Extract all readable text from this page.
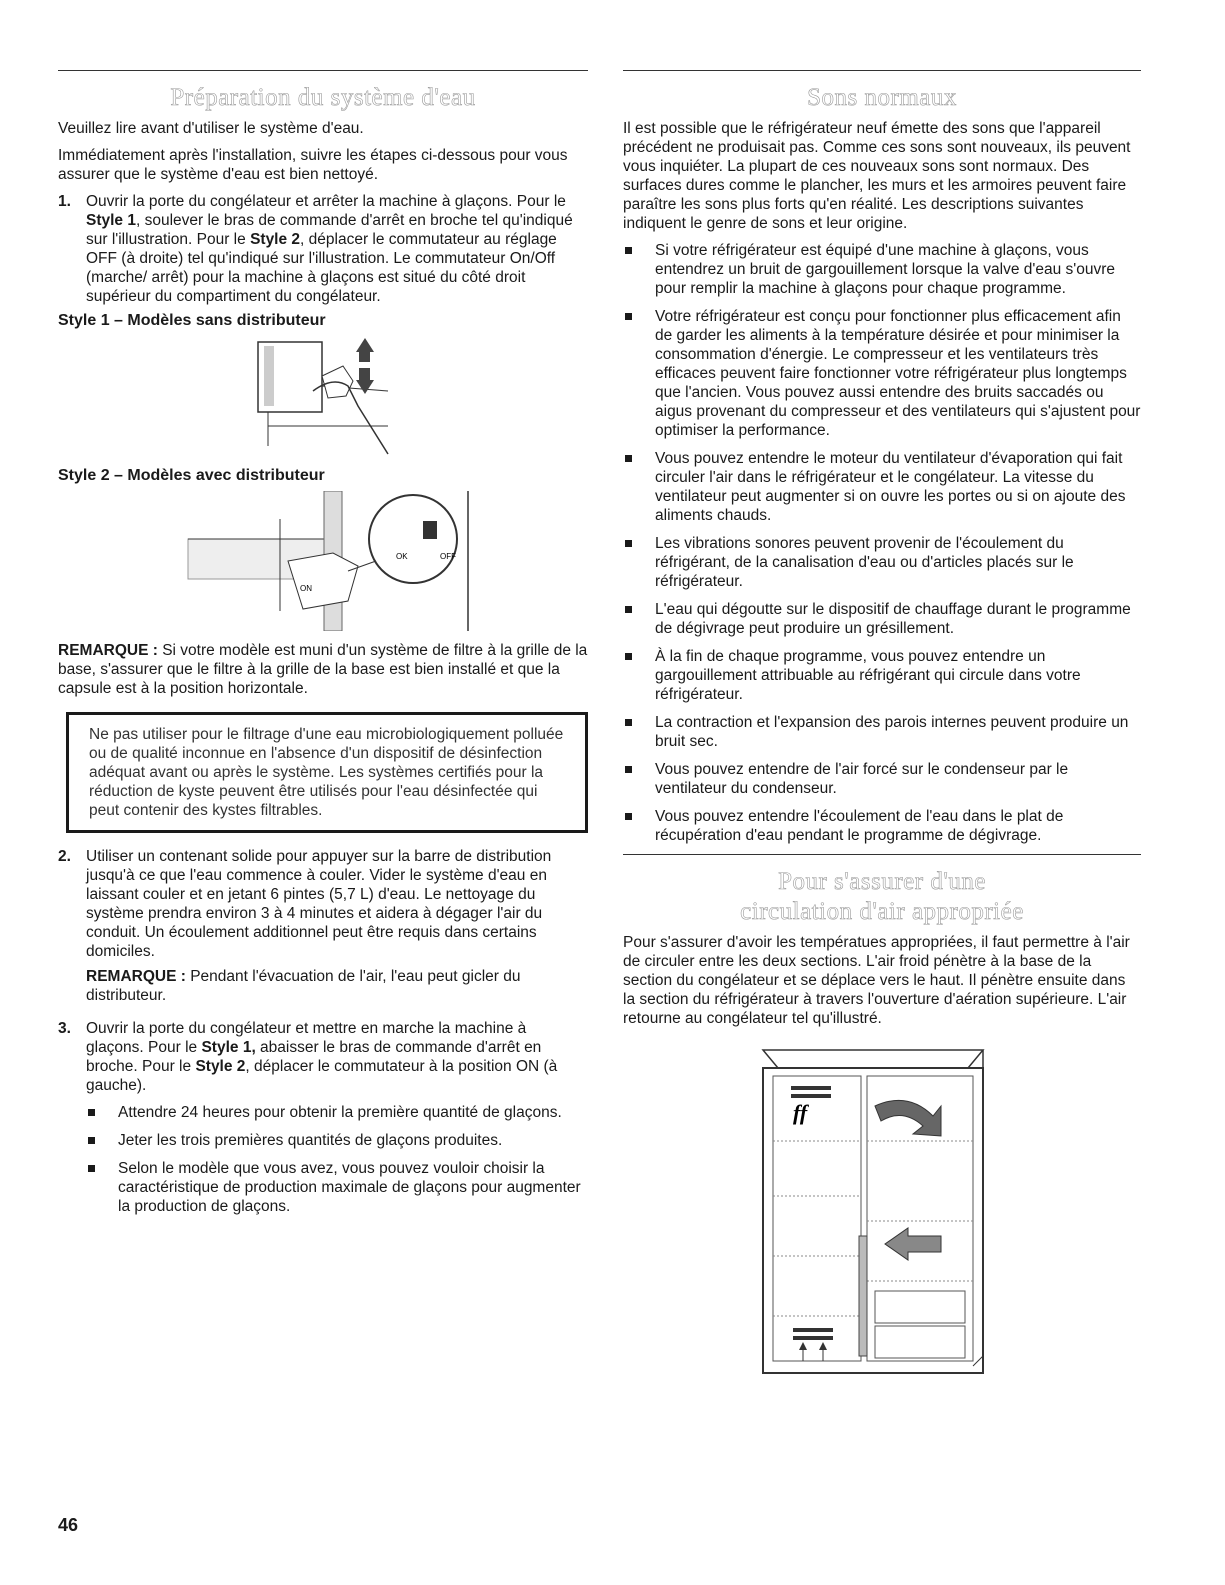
Préparation du système d'eau

Veuillez lire avant d'utiliser le système d'eau.

Immédiatement après l'installation, suivre les étapes ci-dessous pour vous assurer que le système d'eau est bien nettoyé.

1. Ouvrir la porte du congélateur et arrêter la machine à glaçons. Pour le Style 1, soulever le bras de commande d'arrêt en broche tel qu'indiqué sur l'illustration. Pour le Style 2, déplacer le commutateur au réglage OFF (à droite) tel qu'indiqué sur l'illustration. Le commutateur On/Off (marche/ arrêt) pour la machine à glaçons est situé du côté droit supérieur du compartiment du congélateur.
Style 1 – Modèles sans distributeur
Style 2 – Modèles avec distributeur
ON
OK	OFF

REMARQUE : Si votre modèle est muni d'un système de filtre à la grille de la base, s'assurer que le filtre à la grille de la base est bien installé et que la capsule est à la position horizontale.

Ne pas utiliser pour le filtrage d'une eau microbiologiquement polluée ou de qualité inconnue en l'absence d'un dispositif de désinfection adéquat avant ou après le système. Les systèmes certifiés pour la réduction de kyste peuvent être utilisés pour l'eau désinfectée qui peut contenir des kystes filtrables.

2. Utiliser un contenant solide pour appuyer sur la barre de distribution jusqu'à ce que l'eau commence à couler. Vider le système d'eau en laissant couler et en jetant 6 pintes (5,7 L) d'eau. Le nettoyage du système prendra environ 3 à 4 minutes et aidera à dégager l'air du conduit. Un écoulement additionnel peut être requis dans certains domiciles.

REMARQUE : Pendant l'évacuation de l'air, l'eau peut gicler du distributeur.

3. Ouvrir la porte du congélateur et mettre en marche la machine à glaçons. Pour le Style 1, abaisser le bras de commande d'arrêt en broche. Pour le Style 2, déplacer le commutateur à la position ON (à gauche).

Attendre 24 heures pour obtenir la première quantité de glaçons.
Jeter les trois premières quantités de glaçons produites.
Selon le modèle que vous avez, vous pouvez vouloir choisir la caractéristique de production maximale de glaçons pour augmenter la production de glaçons.
Sons normaux

Il est possible que le réfrigérateur neuf émette des sons que l'appareil précédent ne produisait pas. Comme ces sons sont nouveaux, ils peuvent vous inquiéter. La plupart de ces nouveaux sons sont normaux. Des surfaces dures comme le plancher, les murs et les armoires peuvent faire paraître les sons plus forts qu'en réalité. Les descriptions suivantes indiquent le genre de sons et leur origine.

Si votre réfrigérateur est équipé d'une machine à glaçons, vous entendrez un bruit de gargouillement lorsque la valve d'eau s'ouvre pour remplir la machine à glaçons pour chaque programme.
Votre réfrigérateur est conçu pour fonctionner plus efficacement afin de garder les aliments à la température désirée et pour minimiser la consommation d'énergie. Le compresseur et les ventilateurs très efficaces peuvent faire fonctionner votre réfrigérateur plus longtemps que l'ancien. Vous pouvez aussi entendre des bruits saccadés ou aigus provenant du compresseur et des ventilateurs qui s'ajustent pour optimiser la performance.
Vous pouvez entendre le moteur du ventilateur d'évaporation qui fait circuler l'air dans le réfrigérateur et le congélateur. La vitesse du ventilateur peut augmenter si on ouvre les portes ou si on ajoute des aliments chauds.
Les vibrations sonores peuvent provenir de l'écoulement du réfrigérant, de la canalisation d'eau ou d'articles placés sur le réfrigérateur.
L'eau qui dégoutte sur le dispositif de chauffage durant le programme de dégivrage peut produire un grésillement.
À la fin de chaque programme, vous pouvez entendre un gargouillement attribuable au réfrigérant qui circule dans votre réfrigérateur.
La contraction et l'expansion des parois internes peuvent produire un bruit sec.
Vous pouvez entendre de l'air forcé sur le condenseur par le ventilateur du condenseur.
Vous pouvez entendre l'écoulement de l'eau dans le plat de récupération d'eau pendant le programme de dégivrage.
Pour s'assurer d'une
circulation d'air appropriée

Pour s'assurer d'avoir les températues appropriées, il faut permettre à l'air de circuler entre les deux sections. L'air froid pénètre à la base de la section du congélateur et se déplace vers le haut. Il pénètre ensuite dans la section du réfrigérateur à travers l'ouverture d'aération supérieure. L'air retourne au congélateur tel qu'illustré.

ff
46
